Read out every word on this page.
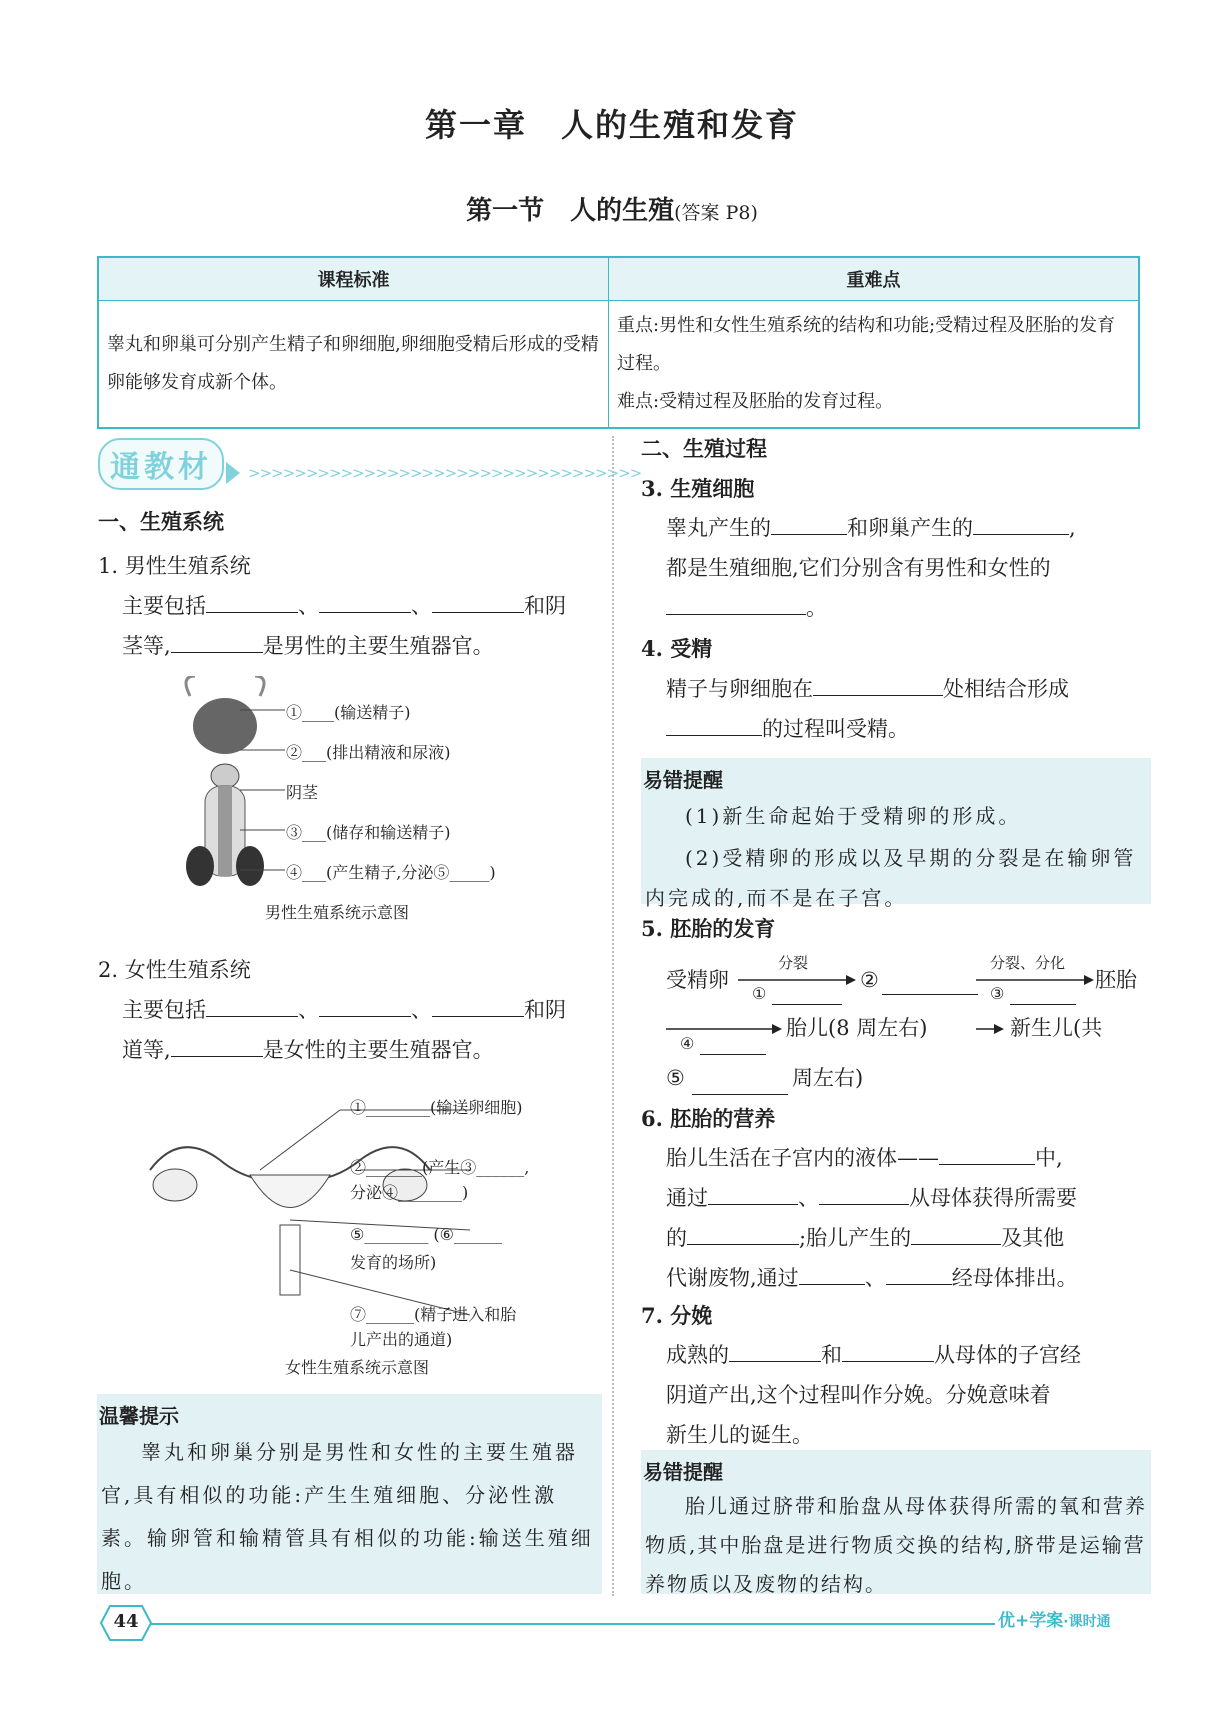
第一章　人的生殖和发育
第一节　人的生殖(答案 P8)
课程标准	重难点
睾丸和卵巢可分别产生精子和卵细胞,卵细胞受精后形成的受精卵能够发育成新个体。	重点:男性和女性生殖系统的结构和功能;受精过程及胚胎的发育过程。
难点:受精过程及胚胎的发育过程。
通教材 >>>>>>>>>>>>>>>>>>>>>>>>>>>>>>>>>>
一、生殖系统
1. 男性生殖系统
主要包括	、	、	和阴
茎等,	是男性的主要生殖器官。
①____(输送精子)
②___(排出精液和尿液)
阴茎
③___(储存和输送精子)
④___(产生精子,分泌⑤_____)
男性生殖系统示意图
2. 女性生殖系统
主要包括	、	、	和阴
道等,	是女性的主要生殖器官。
①________(输送卵细胞)
②_______(产生③______,
分泌④________)
⑤________ (⑥______
发育的场所)
⑦______(精子进入和胎
儿产出的通道)
女性生殖系统示意图
温馨提示
睾丸和卵巢分别是男性和女性的主要生殖器官,具有相似的功能:产生生殖细胞、分泌性激素。输卵管和输精管具有相似的功能:输送生殖细胞。
二、生殖过程
3. 生殖细胞
睾丸产生的	和卵巢产生的	,
都是生殖细胞,它们分别含有男性和女性的
。
4. 受精
精子与卵细胞在	处相结合形成
的过程叫受精。
易错提醒
(1)新生命起始于受精卵的形成。
(2)受精卵的形成以及早期的分裂是在输卵管内完成的,而不是在子宫。
5. 胚胎的发育
受精卵
分裂
①
②
分裂、分化
③
胚胎
④
胎儿(8 周左右)	新生儿(共
⑤	周左右)
6. 胚胎的营养
胎儿生活在子宫内的液体——	中,
通过	、	从母体获得所需要
的	;胎儿产生的	及其他
代谢废物,通过	、	经母体排出。
7. 分娩
成熟的	和	从母体的子宫经
阴道产出,这个过程叫作分娩。分娩意味着
新生儿的诞生。
易错提醒
胎儿通过脐带和胎盘从母体获得所需的氧和营养物质,其中胎盘是进行物质交换的结构,脐带是运输营养物质以及废物的结构。
44	优+学案·课时通
